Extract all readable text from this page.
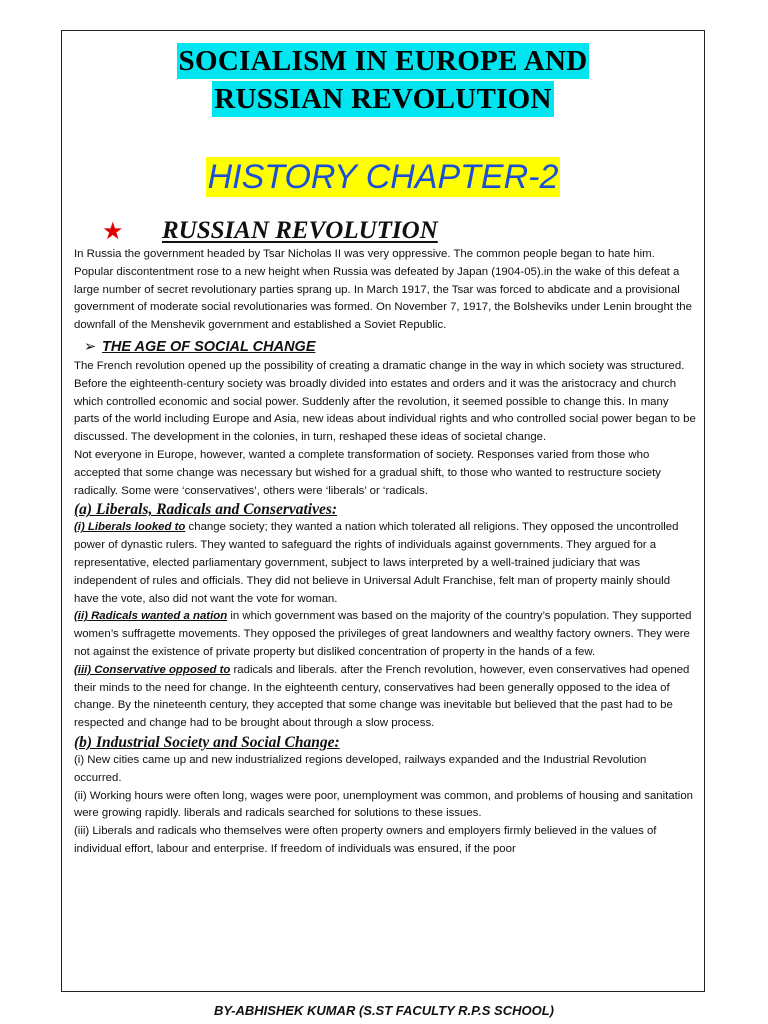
SOCIALISM IN EUROPE AND
RUSSIAN REVOLUTION
HISTORY CHAPTER-2
★ RUSSIAN REVOLUTION

In Russia the government headed by Tsar Nicholas II was very oppressive. The common people began to hate him. Popular discontentment rose to a new height when Russia was defeated by Japan (1904-05).in the wake of this defeat a large number of secret revolutionary parties sprang up. In March 1917, the Tsar was forced to abdicate and a provisional government of moderate social revolutionaries was formed. On November 7, 1917, the Bolsheviks under Lenin brought the downfall of the Menshevik government and established a Soviet Republic.

➢ THE AGE OF SOCIAL CHANGE

The French revolution opened up the possibility of creating a dramatic change in the way in which society was structured. Before the eighteenth-century society was broadly divided into estates and orders and it was the aristocracy and church which controlled economic and social power. Suddenly after the revolution, it seemed possible to change this. In many parts of the world including Europe and Asia, new ideas about individual rights and who controlled social power began to be discussed. The development in the colonies, in turn, reshaped these ideas of societal change.

Not everyone in Europe, however, wanted a complete transformation of society. Responses varied from those who accepted that some change was necessary but wished for a gradual shift, to those who wanted to restructure society radically. Some were ‘conservatives’, others were ‘liberals’ or ‘radicals.

(a) Liberals, Radicals and Conservatives:

(i) Liberals looked to change society; they wanted a nation which tolerated all religions. They opposed the uncontrolled power of dynastic rulers. They wanted to safeguard the rights of individuals against governments. They argued for a representative, elected parliamentary government, subject to laws interpreted by a well-trained judiciary that was independent of rules and officials. They did not believe in Universal Adult Franchise, felt man of property mainly should have the vote, also did not want the vote for woman.

(ii) Radicals wanted a nation in which government was based on the majority of the country’s population. They supported women’s suffragette movements. They opposed the privileges of great landowners and wealthy factory owners. They were not against the existence of private property but disliked concentration of property in the hands of a few.

(iii) Conservative opposed to radicals and liberals. after the French revolution, however, even conservatives had opened their minds to the need for change. In the eighteenth century, conservatives had been generally opposed to the idea of change. By the nineteenth century, they accepted that some change was inevitable but believed that the past had to be respected and change had to be brought about through a slow process.

(b) Industrial Society and Social Change:

(i) New cities came up and new industrialized regions developed, railways expanded and the Industrial Revolution occurred.

(ii) Working hours were often long, wages were poor, unemployment was common, and problems of housing and sanitation were growing rapidly. liberals and radicals searched for solutions to these issues.

(iii) Liberals and radicals who themselves were often property owners and employers firmly believed in the values of individual effort, labour and enterprise. If freedom of individuals was ensured, if the poor

BY-ABHISHEK KUMAR (S.ST FACULTY R.P.S SCHOOL)
